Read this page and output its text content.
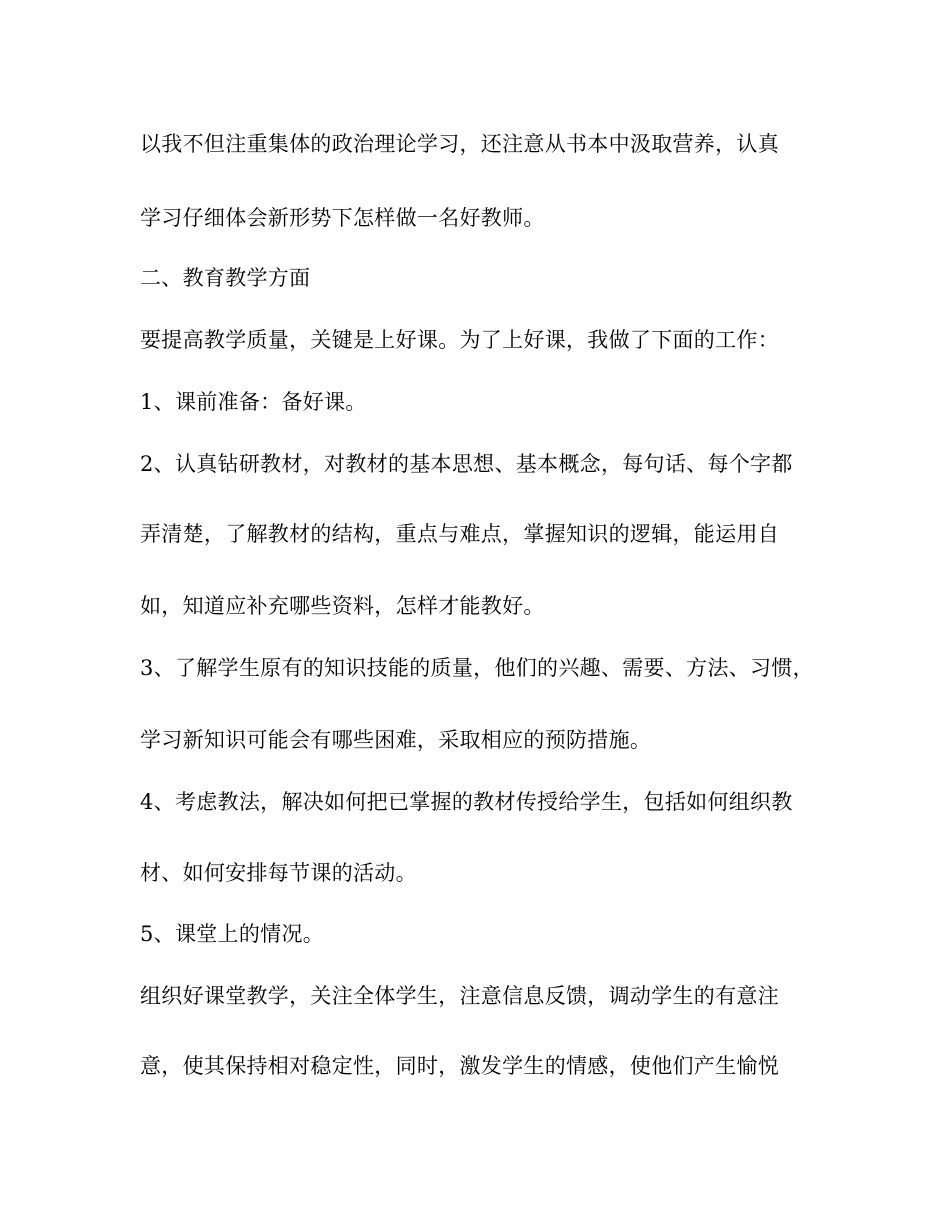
以我不但注重集体的政治理论学习，还注意从书本中汲取营养，认真

学习仔细体会新形势下怎样做一名好教师。

二、教育教学方面

要提高教学质量，关键是上好课。为了上好课，我做了下面的工作：

1、课前准备：备好课。

2、认真钻研教材，对教材的基本思想、基本概念，每句话、每个字都

弄清楚，了解教材的结构，重点与难点，掌握知识的逻辑，能运用自

如，知道应补充哪些资料，怎样才能教好。

3、了解学生原有的知识技能的质量，他们的兴趣、需要、方法、习惯，

学习新知识可能会有哪些困难，采取相应的预防措施。

4、考虑教法，解决如何把已掌握的教材传授给学生，包括如何组织教

材、如何安排每节课的活动。

5、课堂上的情况。

组织好课堂教学，关注全体学生，注意信息反馈，调动学生的有意注

意，使其保持相对稳定性，同时，激发学生的情感，使他们产生愉悦
